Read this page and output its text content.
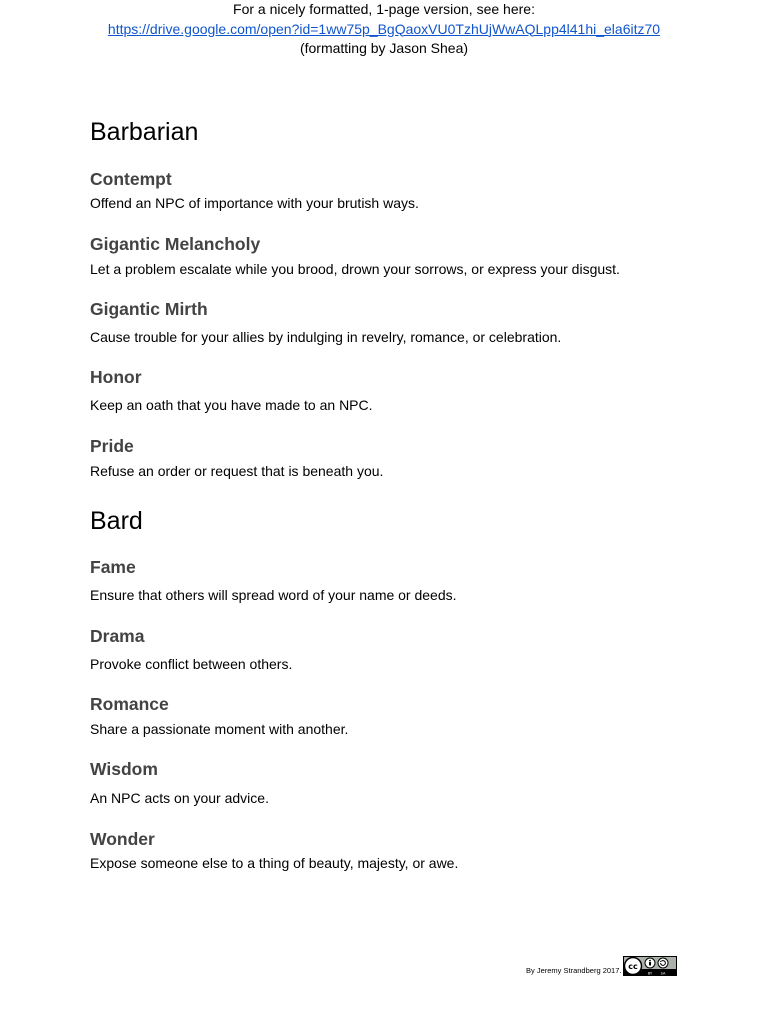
For a nicely formatted, 1-page version, see here:

https://drive.google.com/open?id=1ww75p_BgQaoxVU0TzhUjWwAQLpp4l41hi_ela6itz70

(formatting by Jason Shea)

Barbarian
Contempt

Offend an NPC of importance with your brutish ways.

Gigantic Melancholy

Let a problem escalate while you brood, drown your sorrows, or express your disgust.

Gigantic Mirth

Cause trouble for your allies by indulging in revelry, romance, or celebration.

Honor

Keep an oath that you have made to an NPC.

Pride

Refuse an order or request that is beneath you.

Bard
Fame

Ensure that others will spread word of your name or deeds.

Drama

Provoke conflict between others.

Romance

Share a passionate moment with another.

Wisdom

An NPC acts on your advice.

Wonder

Expose someone else to a thing of beauty, majesty, or awe.

By Jeremy Strandberg 2017. cc
BY SA
